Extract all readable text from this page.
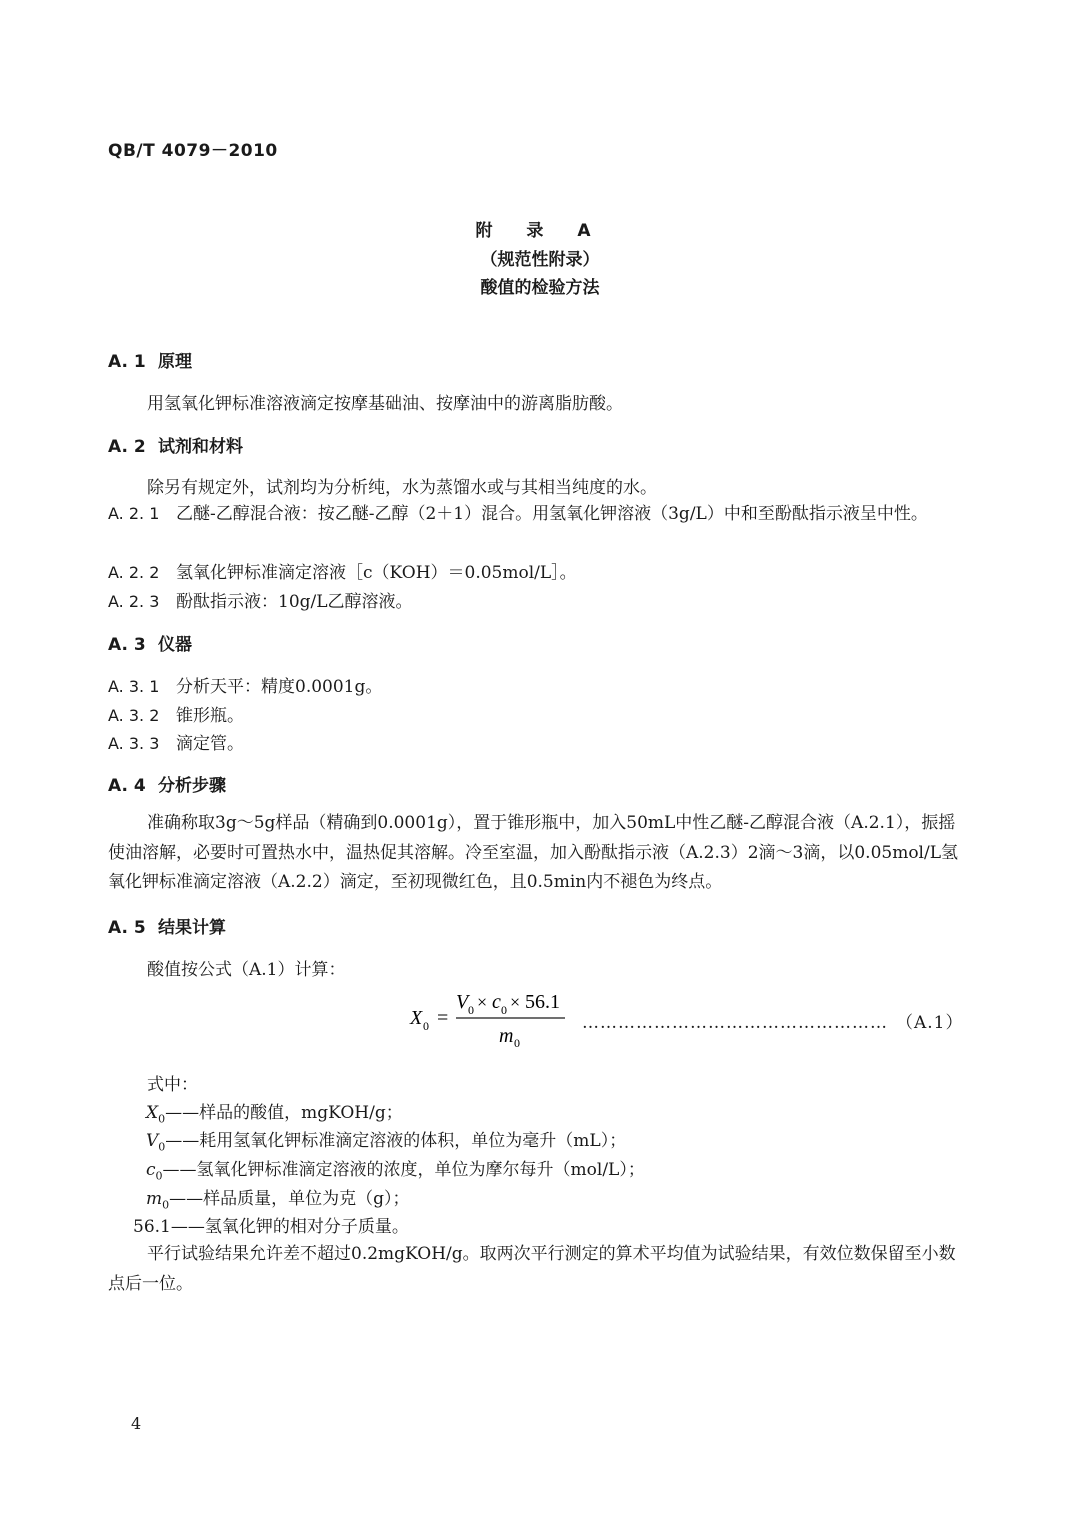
QB/T 4079－2010
附 录 A
（规范性附录）
酸值的检验方法
A. 1 原理
用氢氧化钾标准溶液滴定按摩基础油、按摩油中的游离脂肪酸。
A. 2 试剂和材料
除另有规定外，试剂均为分析纯，水为蒸馏水或与其相当纯度的水。
A. 2. 1 乙醚-乙醇混合液：按乙醚-乙醇（2＋1）混合。用氢氧化钾溶液（3g/L）中和至酚酞指示液呈中性。
A. 2. 2 氢氧化钾标准滴定溶液［c（KOH）＝0.05mol/L］。
A. 2. 3 酚酞指示液：10g/L乙醇溶液。
A. 3 仪器
A. 3. 1 分析天平：精度0.0001g。
A. 3. 2 锥形瓶。
A. 3. 3 滴定管。
A. 4 分析步骤
准确称取3g～5g样品（精确到0.0001g），置于锥形瓶中，加入50mL中性乙醚-乙醇混合液（A.2.1），振摇使油溶解，必要时可置热水中，温热促其溶解。冷至室温，加入酚酞指示液（A.2.3）2滴～3滴，以0.05mol/L氢氧化钾标准滴定溶液（A.2.2）滴定，至初现微红色，且0.5min内不褪色为终点。
A. 5 结果计算
酸值按公式（A.1）计算：
X 0 =
V 0 × c 0 × 56.1
m 0
…………………………………………… （A.1）
式中：
$X_0——$样品的酸值，mgKOH/g；
$V_0——$耗用氢氧化钾标准滴定溶液的体积，单位为毫升（mL）；
$c_0——$氢氧化钾标准滴定溶液的浓度，单位为摩尔每升（mol/L）；
$m_0——$样品质量，单位为克（g）；
56.1——氢氧化钾的相对分子质量。
平行试验结果允许差不超过0.2mgKOH/g。取两次平行测定的算术平均值为试验结果，有效位数保留至小数点后一位。
4
